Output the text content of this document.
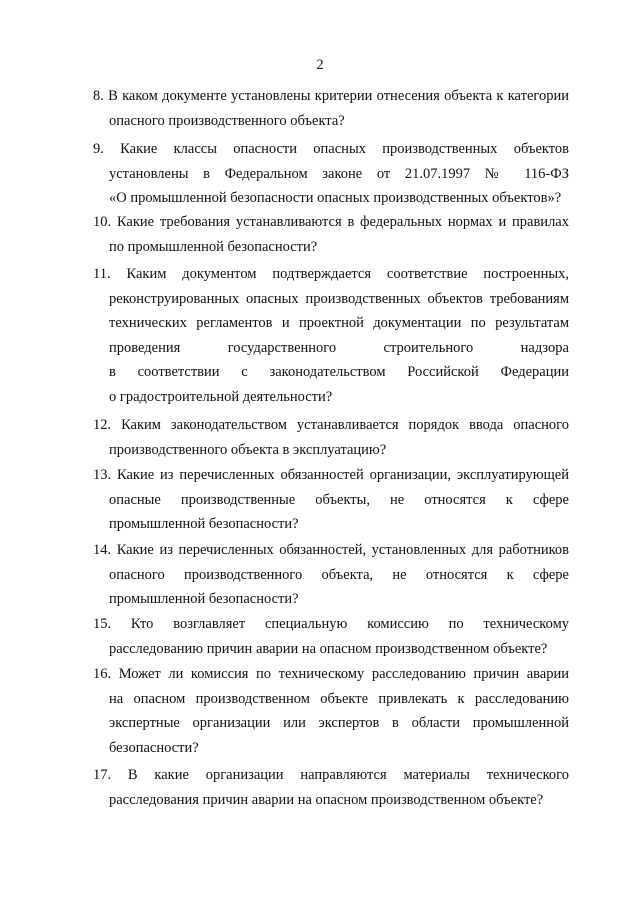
2
8. В каком документе установлены критерии отнесения объекта к категории
опасного производственного объекта?
9. Какие классы опасности опасных производственных объектов
установлены в Федеральном законе от 21.07.1997 № 116-ФЗ
«О промышленной безопасности опасных производственных объектов»?
10. Какие требования устанавливаются в федеральных нормах и правилах
по промышленной безопасности?
11. Каким документом подтверждается соответствие построенных,
реконструированных опасных производственных объектов требованиям
технических регламентов и проектной документации по результатам
проведения государственного строительного надзора
в соответствии с законодательством Российской Федерации
о градостроительной деятельности?
12. Каким законодательством устанавливается порядок ввода опасного
производственного объекта в эксплуатацию?
13. Какие из перечисленных обязанностей организации, эксплуатирующей
опасные производственные объекты, не относятся к сфере
промышленной безопасности?
14. Какие из перечисленных обязанностей, установленных для работников
опасного производственного объекта, не относятся к сфере
промышленной безопасности?
15. Кто возглавляет специальную комиссию по техническому
расследованию причин аварии на опасном производственном объекте?
16. Может ли комиссия по техническому расследованию причин аварии
на опасном производственном объекте привлекать к расследованию
экспертные организации или экспертов в области промышленной
безопасности?
17. В какие организации направляются материалы технического
расследования причин аварии на опасном производственном объекте?
